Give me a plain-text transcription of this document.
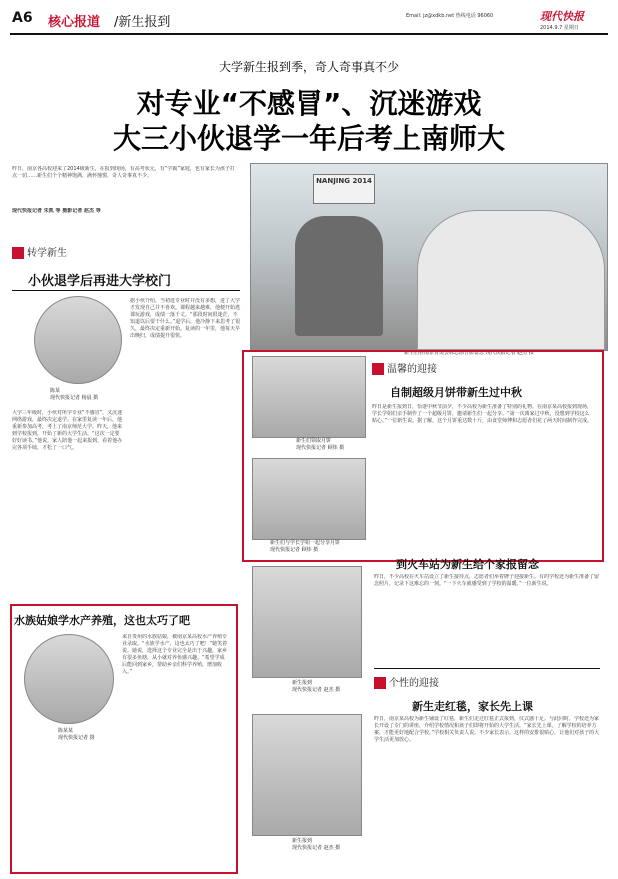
A6 核心报道 /新生报到	Email: jz@xdkb.net 热线电话 96060	现代快报
2014.9.7 星期日
大学新生报到季，奇人奇事真不少
对专业“不感冒”、沉迷游戏
大三小伙退学一年后考上南师大
昨日，南京各高校迎来了2014级新生，在报到现场，有高考状元，有“学霸”家庭，也有家长为孩子打点一切……新生们个个精神饱满、满怀憧憬，奇人奇事真不少。
现代快报记者 朱凯 等 摄影记者 赵杰 等
NANJING 2014
新生们在南京青奥会标志前合影留念 现代快报记者 赵杰 摄
转学新生
小伙退学后再进大学校门
陈某
现代快报记者 杨晨 摄
大学三年级时，小伙对所学专业“不感冒”，又沉迷网络游戏，最终决定退学。在家里复读一年后，他重新参加高考，考上了南京师范大学。昨天，他来到学校报到，开始了新的大学生活。“这次一定要好好读书。”他说。家人陪他一起来报到，看着他办完各项手续，才松了一口气。
据小伙介绍，当初选专业时并没有多想，进了大学才发现自己并不喜欢。课程越来越难，他便开始逃课玩游戏，成绩一落千丈。“那段时间很迷茫，不知道以后要干什么。”退学后，他冷静下来思考了很久，最终决定重新开始。复读的一年里，他每天早出晚归，成绩提升很快。
新生们领取月饼
现代快报记者 顾炜 摄
新生们与学长学姐一起分享月饼
现代快报记者 顾炜 摄
温馨的迎接
自制超级月饼带新生过中秋
昨日是新生报到日，恰逢中秋节前夕，不少高校为新生准备了特别的礼物。在南京某高校报到现场，学长学姐们亲手制作了一个超级月饼，邀请新生们一起分享。“第一次离家过中秋，没想到学校这么贴心。”一位新生说。据了解，这个月饼重达数十斤，由食堂师傅和志愿者们花了两天时间制作完成。
水族姑娘学水产养殖，这也太巧了吧
陈某某
现代快报记者 摄
来自贵州的水族姑娘，被南京某高校水产养殖专业录取。“水族学水产，这也太巧了吧！”她笑着说。她说，选择这个专业完全是出于兴趣，家乡有很多鱼塘，从小就对养鱼感兴趣。“希望学成后能回到家乡，帮助乡亲们科学养殖，增加收入。”
新生报到
现代快报记者 赵杰 摄
到火车站为新生给个家报留念
昨日，不少高校在火车站设立了新生接待点，志愿者们举着牌子迎接新生。有的学校还为新生准备了留念照片，记录下这难忘的一刻。“一下火车就感受到了学校的温暖。”一位新生说。
个性的迎接
新生走红毯，家长先上课
新生报到
现代快报记者 赵杰 摄
昨日，南京某高校为新生铺设了红毯，新生们走过红毯正式报到，仪式感十足。与此同时，学校还为家长开设了专门的讲座，介绍学校情况和孩子们即将开始的大学生活。“家长先上课，了解学校的培养方案，才能更好地配合学校。”学校相关负责人说。不少家长表示，这样的安排很贴心，让他们对孩子的大学生活更加放心。
